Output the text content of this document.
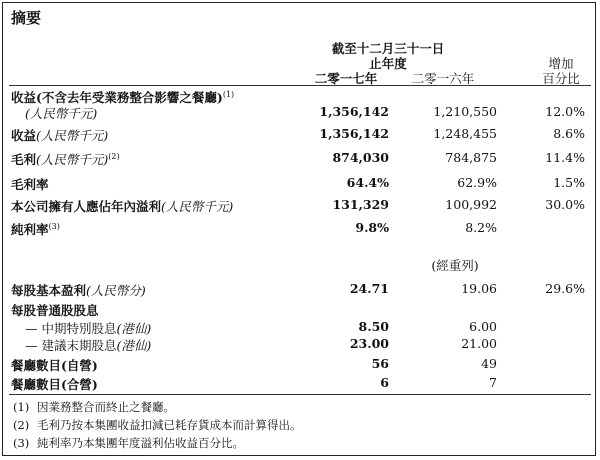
摘要
截至十二月三十一日
止年度
二零一七年	二零一六年
增加
百分比
收益(不含去年受業務整合影響之餐廳)$^{(1)}$
(人民幣千元)	1,356,142	1,210,550	12.0%
收益(人民幣千元)	1,356,142	1,248,455	8.6%
毛利(人民幣千元)$^{(2)}$	874,030	784,875	11.4%
毛利率	64.4%	62.9%	1.5%
本公司擁有人應佔年內溢利(人民幣千元)	131,329	100,992	30.0%
純利率$^{(3)}$	9.8%	8.2%
(經重列)
每股基本盈利(人民幣分)	24.71	19.06	29.6%
每股普通股股息
— 中期特別股息(港仙)	8.50	6.00
— 建議末期股息(港仙)	23.00	21.00
餐廳數目(自營)	56	49
餐廳數目(合營)	6	7
(1) 因業務整合而終止之餐廳。
(2) 毛利乃按本集團收益扣減已耗存貨成本而計算得出。
(3) 純利率乃本集團年度溢利佔收益百分比。
